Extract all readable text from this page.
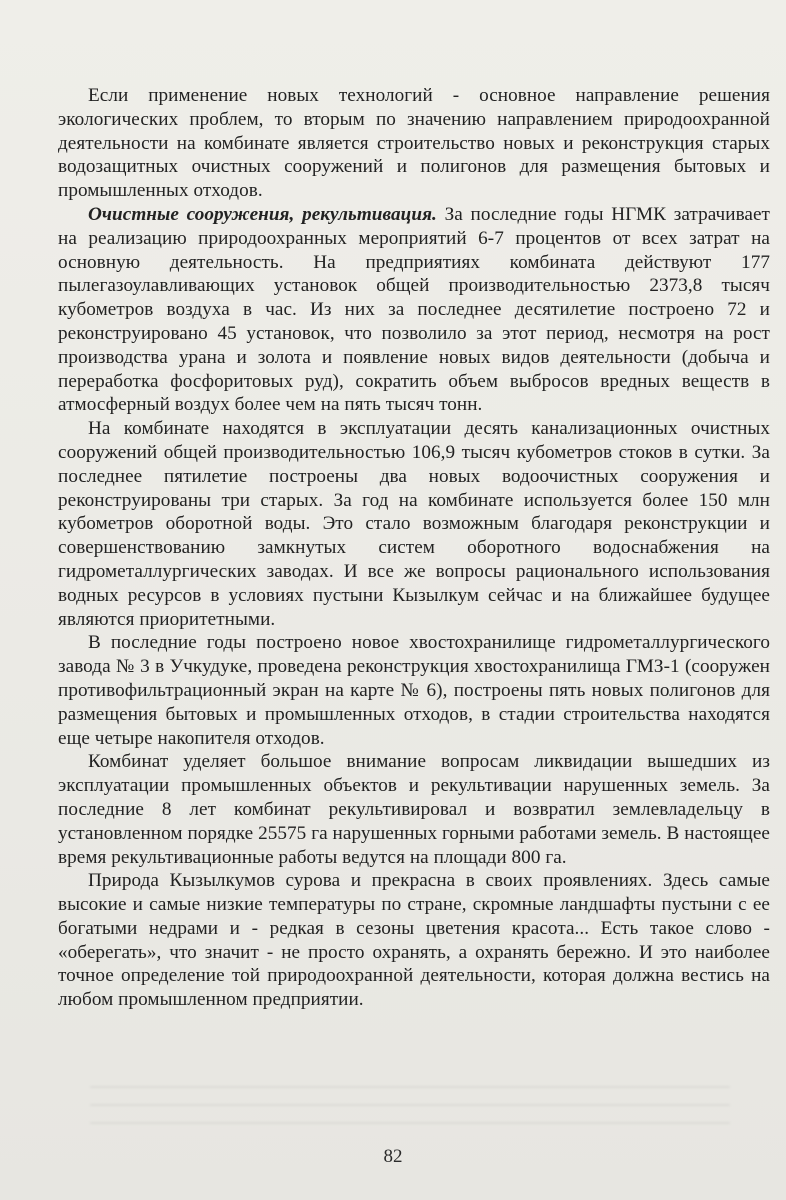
Если применение новых технологий - основное направление решения экологических проблем, то вторым по значению направлением природоохранной деятельности на комбинате является строительство новых и реконструкция старых водозащитных очистных сооружений и полигонов для размещения бытовых и промышленных отходов.

Очистные сооружения, рекультивация. За последние годы НГМК затрачивает на реализацию природоохранных мероприятий 6-7 процентов от всех затрат на основную деятельность. На предприятиях комбината действуют 177 пылегазоулавливающих установок общей производительностью 2373,8 тысяч кубометров воздуха в час. Из них за последнее десятилетие построено 72 и реконструировано 45 установок, что позволило за этот период, несмотря на рост производства урана и золота и появление новых видов деятельности (добыча и переработка фосфоритовых руд), сократить объем выбросов вредных веществ в атмосферный воздух более чем на пять тысяч тонн.

На комбинате находятся в эксплуатации десять канализационных очистных сооружений общей производительностью 106,9 тысяч кубометров стоков в сутки. За последнее пятилетие построены два новых водоочистных сооружения и реконструированы три старых. За год на комбинате используется более 150 млн кубометров оборотной воды. Это стало возможным благодаря реконструкции и совершенствованию замкнутых систем оборотного водоснабжения на гидрометаллургических заводах. И все же вопросы рационального использования водных ресурсов в условиях пустыни Кызылкум сейчас и на ближайшее будущее являются приоритетными.

В последние годы построено новое хвостохранилище гидрометаллургического завода № 3 в Учкудуке, проведена реконструкция хвостохранилища ГМЗ-1 (сооружен противофильтрационный экран на карте № 6), построены пять новых полигонов для размещения бытовых и промышленных отходов, в стадии строительства находятся еще четыре накопителя отходов.

Комбинат уделяет большое внимание вопросам ликвидации вышедших из эксплуатации промышленных объектов и рекультивации нарушенных земель. За последние 8 лет комбинат рекультивировал и возвратил землевладельцу в установленном порядке 25575 га нарушенных горными работами земель. В настоящее время рекультивационные работы ведутся на площади 800 га.

Природа Кызылкумов сурова и прекрасна в своих проявлениях. Здесь самые высокие и самые низкие температуры по стране, скромные ландшафты пустыни с ее богатыми недрами и - редкая в сезоны цветения красота... Есть такое слово - «оберегать», что значит - не просто охранять, а охранять бережно. И это наиболее точное определение той природоохранной деятельности, которая должна вестись на любом промышленном предприятии.

82
